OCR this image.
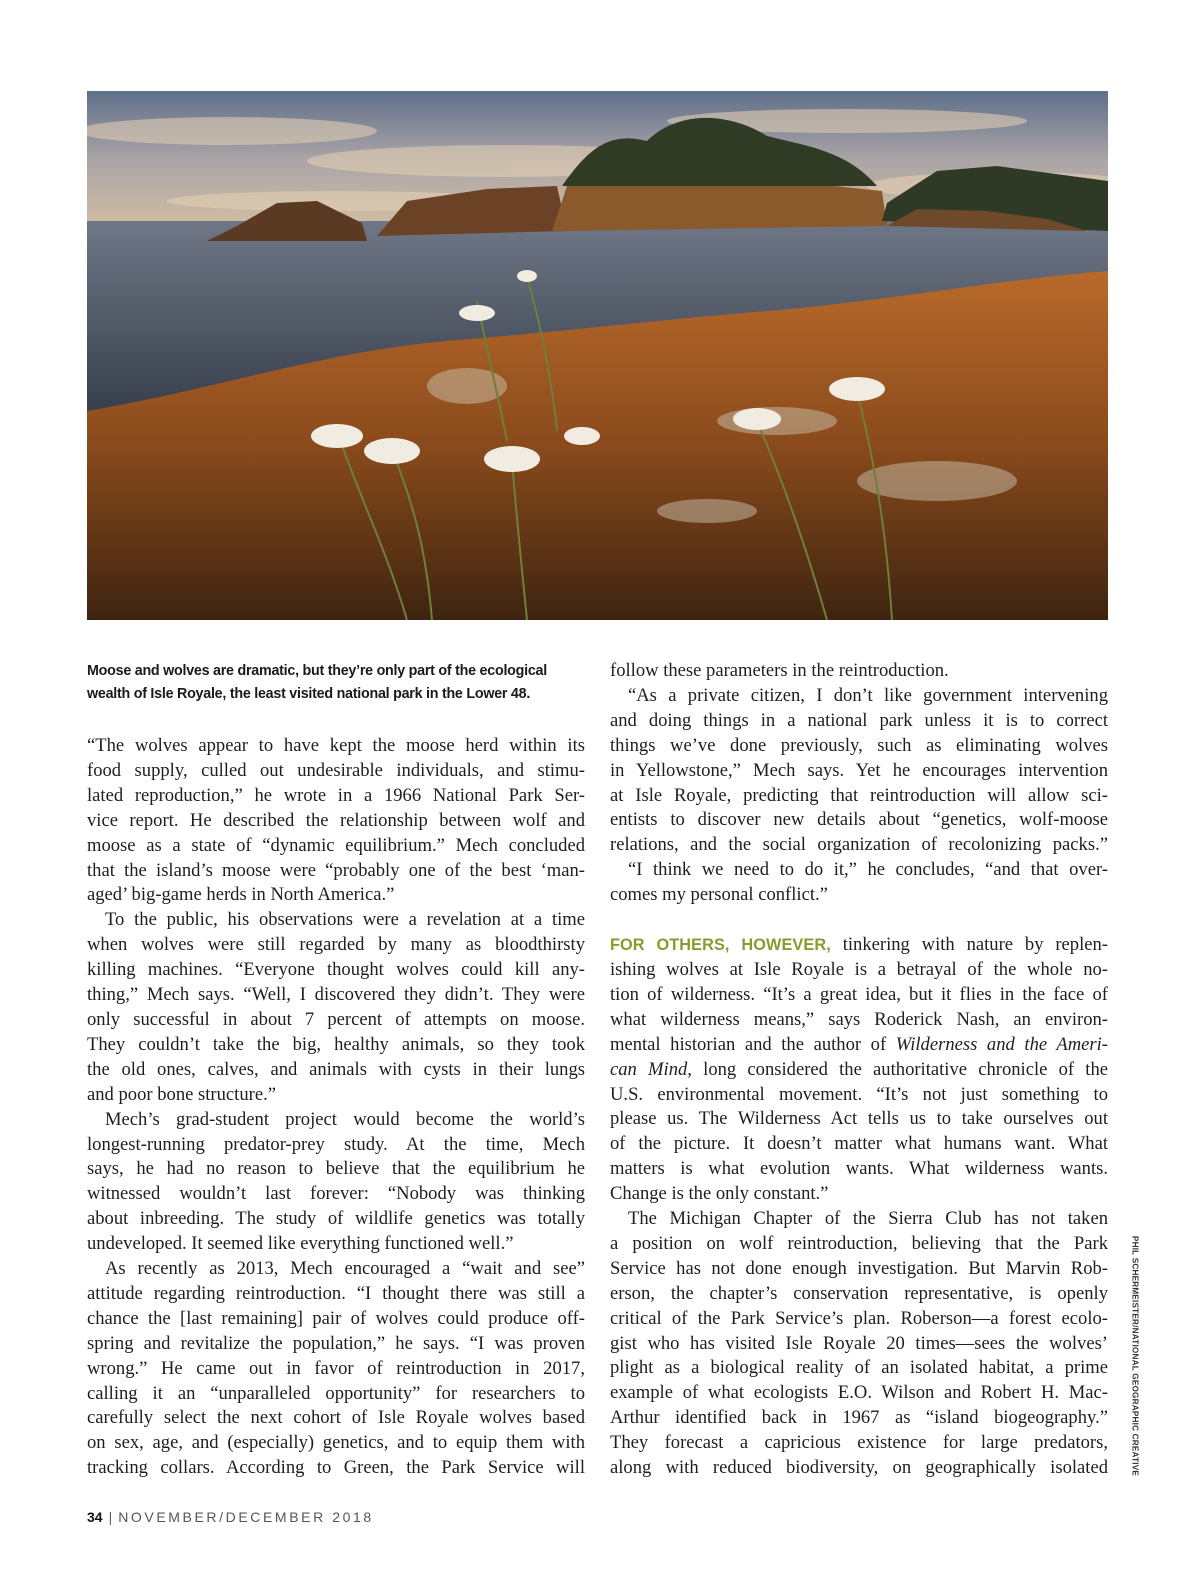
Moose and wolves are dramatic, but they’re only part of the ecological

wealth of Isle Royale, the least visited national park in the Lower 48.

“The wolves appear to have kept the moose herd within its

food supply, culled out undesirable individuals, and stimu-

lated reproduction,” he wrote in a 1966 National Park Ser-

vice report. He described the relationship between wolf and

moose as a state of “dynamic equilibrium.” Mech concluded

that the island’s moose were “probably one of the best ‘man-

aged’ big-game herds in North America.”

To the public, his observations were a revelation at a time

when wolves were still regarded by many as bloodthirsty

killing machines. “Everyone thought wolves could kill any-

thing,” Mech says. “Well, I discovered they didn’t. They were

only successful in about 7 percent of attempts on moose.

They couldn’t take the big, healthy animals, so they took

the old ones, calves, and animals with cysts in their lungs

and poor bone structure.”

Mech’s grad-student project would become the world’s

longest-running predator-prey study. At the time, Mech

says, he had no reason to believe that the equilibrium he

witnessed wouldn’t last forever: “Nobody was thinking

about inbreeding. The study of wildlife genetics was totally

undeveloped. It seemed like everything functioned well.”

As recently as 2013, Mech encouraged a “wait and see”

attitude regarding reintroduction. “I thought there was still a

chance the [last remaining] pair of wolves could produce off-

spring and revitalize the population,” he says. “I was proven

wrong.” He came out in favor of reintroduction in 2017,

calling it an “unparalleled opportunity” for researchers to

carefully select the next cohort of Isle Royale wolves based

on sex, age, and (especially) genetics, and to equip them with

tracking collars. According to Green, the Park Service will

follow these parameters in the reintroduction.

“As a private citizen, I don’t like government intervening

and doing things in a national park unless it is to correct

things we’ve done previously, such as eliminating wolves

in Yellowstone,” Mech says. Yet he encourages intervention

at Isle Royale, predicting that reintroduction will allow sci-

entists to discover new details about “genetics, wolf-moose

relations, and the social organization of recolonizing packs.”

“I think we need to do it,” he concludes, “and that over-

comes my personal conflict.”

FOR OTHERS, HOWEVER, tinkering with nature by replen-

ishing wolves at Isle Royale is a betrayal of the whole no-

tion of wilderness. “It’s a great idea, but it flies in the face of

what wilderness means,” says Roderick Nash, an environ-

mental historian and the author of Wilderness and the Ameri-

can Mind, long considered the authoritative chronicle of the

U.S. environmental movement. “It’s not just something to

please us. The Wilderness Act tells us to take ourselves out

of the picture. It doesn’t matter what humans want. What

matters is what evolution wants. What wilderness wants.

Change is the only constant.”

The Michigan Chapter of the Sierra Club has not taken

a position on wolf reintroduction, believing that the Park

Service has not done enough investigation. But Marvin Rob-

erson, the chapter’s conservation representative, is openly

critical of the Park Service’s plan. Roberson—a forest ecolo-

gist who has visited Isle Royale 20 times—sees the wolves’

plight as a biological reality of an isolated habitat, a prime

example of what ecologists E.O. Wilson and Robert H. Mac-

Arthur identified back in 1967 as “island biogeography.”

They forecast a capricious existence for large predators,

along with reduced biodiversity, on geographically isolated	PHIL SCHERMEISTER/NATIONAL GEOGRAPHIC CREATIVE
34 | NOVEMBER/DECEMBER 2018
